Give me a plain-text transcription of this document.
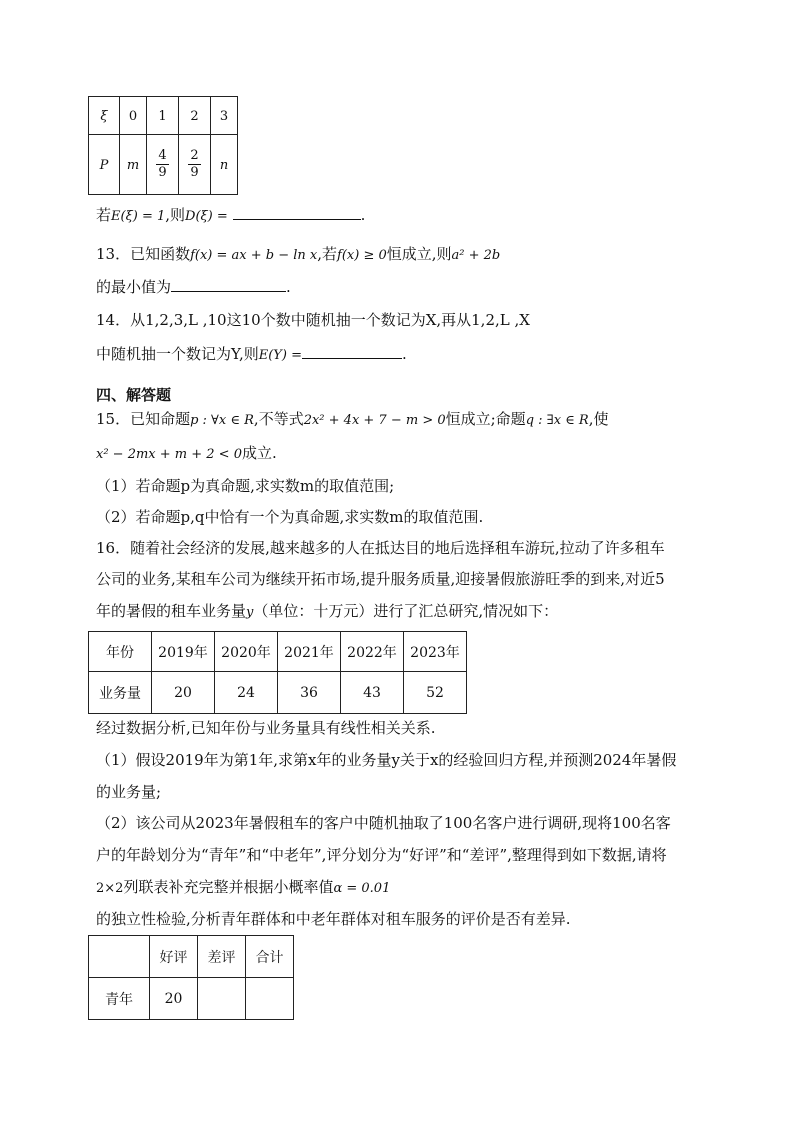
ξ	0	1	2	3
P	m	$\frac{4}{9}$	$\frac{2}{9}$	n
若E(ξ) = 1,则D(ξ) =	.
13．已知函数f(x) = ax + b − ln x,若f(x) ≥ 0恒成立,则a² + 2b
的最小值为	.
14．从1,2,3,L ,10这10个数中随机抽一个数记为X,再从1,2,L ,X
中随机抽一个数记为Y,则E(Y) =	.
四、解答题
15．已知命题p : ∀x ∈ R,不等式2x² + 4x + 7 − m > 0恒成立;命题q : ∃x ∈ R,使
x² − 2mx + m + 2 < 0成立.
（1）若命题p为真命题,求实数m的取值范围;
（2）若命题p,q中恰有一个为真命题,求实数m的取值范围.
16．随着社会经济的发展,越来越多的人在抵达目的地后选择租车游玩,拉动了许多租车
公司的业务,某租车公司为继续开拓市场,提升服务质量,迎接暑假旅游旺季的到来,对近5
年的暑假的租车业务量y（单位：十万元）进行了汇总研究,情况如下：
年份	2019年	2020年	2021年	2022年	2023年
业务量	20	24	36	43	52
经过数据分析,已知年份与业务量具有线性相关关系.
（1）假设2019年为第1年,求第x年的业务量y关于x的经验回归方程,并预测2024年暑假
的业务量;
（2）该公司从2023年暑假租车的客户中随机抽取了100名客户进行调研,现将100名客
户的年龄划分为“青年”和“中老年”,评分划分为“好评”和“差评”,整理得到如下数据,请将
2×2列联表补充完整并根据小概率值α = 0.01
的独立性检验,分析青年群体和中老年群体对租车服务的评价是否有差异.
	好评	差评	合计
青年	20		
